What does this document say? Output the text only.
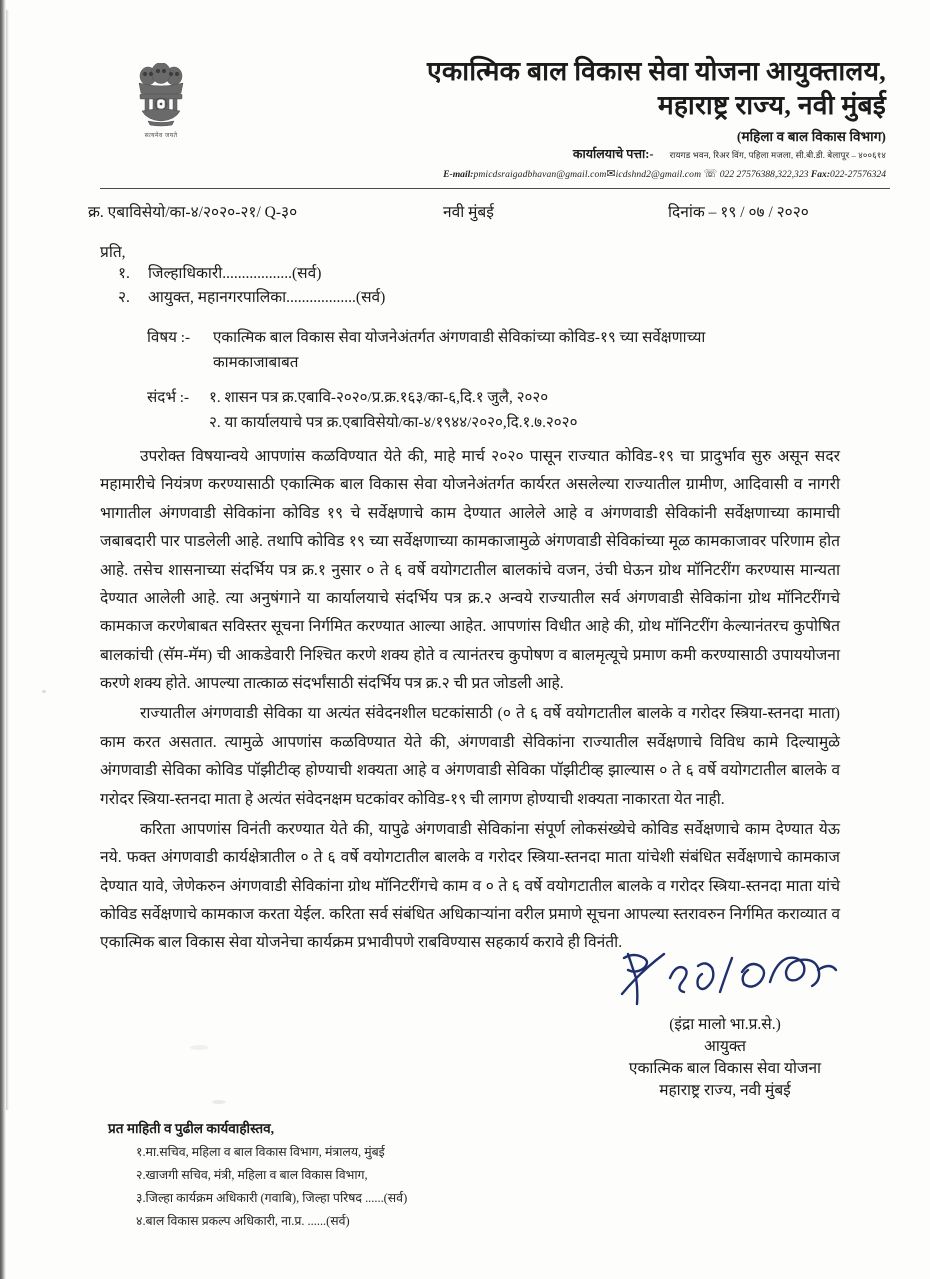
सत्यमेव जयते
एकात्मिक बाल विकास सेवा योजना आयुक्तालय,
महाराष्ट्र राज्य, नवी मुंबई
(महिला व बाल विकास विभाग)
कार्यालयाचे पत्ता:- रायगड भवन, रिअर विंग, पहिला मजला, सी.बी.डी. बेलापूर – ४००६१४
E-mail:pmicdsraigadbhavan@gmail.com✉icdshnd2@gmail.com ☏ 022 27576388,322,323 Fax:022-27576324
क्र. एबाविसेयो/का-४/२०२०-२१/ Q-३०	नवी मुंबई	दिनांक – १९ / ०७ / २०२०
प्रति,
१.	जिल्हाधिकारी..................(सर्व)
२.	आयुक्त, महानगरपालिका..................(सर्व)
विषय :-	एकात्मिक बाल विकास सेवा योजनेअंतर्गत अंगणवाडी सेविकांच्या कोविड-१९ च्या सर्वेक्षणाच्या
कामकाजाबाबत
संदर्भ :-	१. शासन पत्र क्र.एबावि-२०२०/प्र.क्र.१६३/का-६,दि.१ जुलै, २०२०
२. या कार्यालयाचे पत्र क्र.एबाविसेयो/का-४/१९४४/२०२०,दि.१.७.२०२०

उपरोक्त विषयान्वये आपणांस कळविण्यात येते की, माहे मार्च २०२० पासून राज्यात कोविड-१९ चा प्रादुर्भाव सुरु असून सदर महामारीचे नियंत्रण करण्यासाठी एकात्मिक बाल विकास सेवा योजनेअंतर्गत कार्यरत असलेल्या राज्यातील ग्रामीण, आदिवासी व नागरी भागातील अंगणवाडी सेविकांना कोविड १९ चे सर्वेक्षणाचे काम देण्यात आलेले आहे व अंगणवाडी सेविकांनी सर्वेक्षणाच्या कामाची जबाबदारी पार पाडलेली आहे. तथापि कोविड १९ च्या सर्वेक्षणाच्या कामकाजामुळे अंगणवाडी सेविकांच्या मूळ कामकाजावर परिणाम होत आहे. तसेच शासनाच्या संदर्भिय पत्र क्र.१ नुसार ० ते ६ वर्षे वयोगटातील बालकांचे वजन, उंची घेऊन ग्रोथ मॉनिटरींग करण्यास मान्यता देण्यात आलेली आहे. त्या अनुषंगाने या कार्यालयाचे संदर्भिय पत्र क्र.२ अन्वये राज्यातील सर्व अंगणवाडी सेविकांना ग्रोथ मॉनिटरींगचे कामकाज करणेबाबत सविस्तर सूचना निर्गमित करण्यात आल्या आहेत. आपणांस विधीत आहे की, ग्रोथ मॉनिटरींग केल्यानंतरच कुपोषित बालकांची (सॅम-मॅम) ची आकडेवारी निश्चित करणे शक्य होते व त्यानंतरच कुपोषण व बालमृत्यूचे प्रमाण कमी करण्यासाठी उपाययोजना करणे शक्य होते. आपल्या तात्काळ संदर्भांसाठी संदर्भिय पत्र क्र.२ ची प्रत जोडली आहे.

राज्यातील अंगणवाडी सेविका या अत्यंत संवेदनशील घटकांसाठी (० ते ६ वर्षे वयोगटातील बालके व गरोदर स्त्रिया-स्तनदा माता) काम करत असतात. त्यामुळे आपणांस कळविण्यात येते की, अंगणवाडी सेविकांना राज्यातील सर्वेक्षणाचे विविध कामे दिल्यामुळे अंगणवाडी सेविका कोविड पॉझीटीव्ह होण्याची शक्यता आहे व अंगणवाडी सेविका पॉझीटीव्ह झाल्यास ० ते ६ वर्षे वयोगटातील बालके व गरोदर स्त्रिया-स्तनदा माता हे अत्यंत संवेदनक्षम घटकांवर कोविड-१९ ची लागण होण्याची शक्यता नाकारता येत नाही.

करिता आपणांस विनंती करण्यात येते की, यापुढे अंगणवाडी सेविकांना संपूर्ण लोकसंख्येचे कोविड सर्वेक्षणाचे काम देण्यात येऊ नये. फक्त अंगणवाडी कार्यक्षेत्रातील ० ते ६ वर्षे वयोगटातील बालके व गरोदर स्त्रिया-स्तनदा माता यांचेशी संबंधित सर्वेक्षणाचे कामकाज देण्यात यावे, जेणेकरुन अंगणवाडी सेविकांना ग्रोथ मॉनिटरींगचे काम व ० ते ६ वर्षे वयोगटातील बालके व गरोदर स्त्रिया-स्तनदा माता यांचे कोविड सर्वेक्षणाचे कामकाज करता येईल. करिता सर्व संबंधित अधिकाऱ्यांना वरील प्रमाणे सूचना आपल्या स्तरावरुन निर्गमित कराव्यात व एकात्मिक बाल विकास सेवा योजनेचा कार्यक्रम प्रभावीपणे राबविण्यास सहकार्य करावे ही विनंती.

(इंद्रा मालो भा.प्र.से.)
आयुक्त
एकात्मिक बाल विकास सेवा योजना
महाराष्ट्र राज्य, नवी मुंबई
प्रत माहिती व पुढील कार्यवाहीस्तव,
१.मा.सचिव, महिला व बाल विकास विभाग, मंत्रालय, मुंबई
२.खाजगी सचिव, मंत्री, महिला व बाल विकास विभाग,
३.जिल्हा कार्यक्रम अधिकारी (गवाबि), जिल्हा परिषद ......(सर्व)
४.बाल विकास प्रकल्प अधिकारी, ना.प्र. ......(सर्व)
